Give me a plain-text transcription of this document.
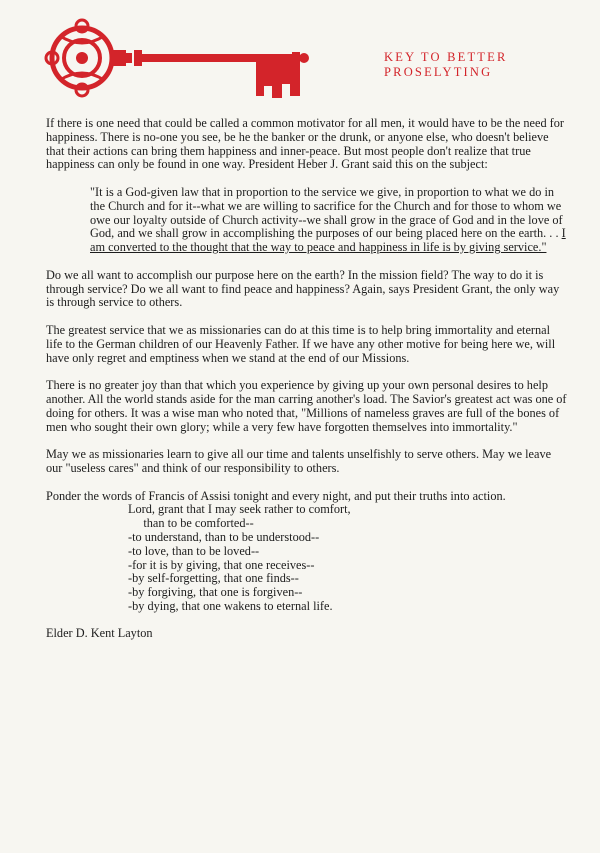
KEY TO BETTER
PROSELYTING

If there is one need that could be called a common motivator for all men, it would have to be the need for happiness. There is no-one you see, be he the banker or the drunk, or anyone else, who doesn't believe that their actions can bring them happiness and inner-peace. But most people don't realize that true happiness can only be found in one way. President Heber J. Grant said this on the subject:

"It is a God-given law that in proportion to the service we give, in proportion to what we do in the Church and for it--what we are willing to sacrifice for the Church and for those to whom we owe our loyalty outside of Church activity--we shall grow in the grace of God and in the love of God, and we shall grow in accomplishing the purposes of our being placed here on the earth. . . I am converted to the thought that the way to peace and happiness in life is by giving service."

Do we all want to accomplish our purpose here on the earth? In the mission field? The way to do it is through service? Do we all want to find peace and happiness? Again, says President Grant, the only way is through service to others.

The greatest service that we as missionaries can do at this time is to help bring immortality and eternal life to the German children of our Heavenly Father. If we have any other motive for being here we, will have only regret and emptiness when we stand at the end of our Missions.

There is no greater joy than that which you experience by giving up your own personal desires to help another. All the world stands aside for the man carring another's load. The Savior's greatest act was one of doing for others. It was a wise man who noted that, "Millions of nameless graves are full of the bones of men who sought their own glory; while a very few have forgotten themselves into immortality."

May we as missionaries learn to give all our time and talents unselfishly to serve others. May we leave our "useless cares" and think of our responsibility to others.

Ponder the words of Francis of Assisi tonight and every night, and put their truths into action.

Lord, grant that I may seek rather to comfort,
than to be comforted--
-to understand, than to be understood--
-to love, than to be loved--
-for it is by giving, that one receives--
-by self-forgetting, that one finds--
-by forgiving, that one is forgiven--
-by dying, that one wakens to eternal life.
Elder D. Kent Layton
